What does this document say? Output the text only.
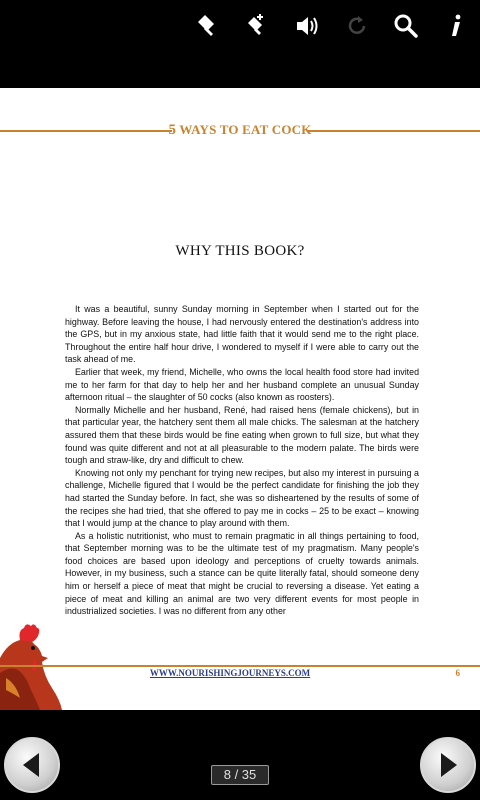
5 WAYS TO EAT COCK
WHY THIS BOOK?

It was a beautiful, sunny Sunday morning in September when I started out for the highway. Before leaving the house, I had nervously entered the destination's address into the GPS, but in my anxious state, had little faith that it would send me to the right place. Throughout the entire half hour drive, I wondered to myself if I were able to carry out the task ahead of me.

Earlier that week, my friend, Michelle, who owns the local health food store had invited me to her farm for that day to help her and her husband complete an unusual Sunday afternoon ritual – the slaughter of 50 cocks (also known as roosters).

Normally Michelle and her husband, René, had raised hens (female chickens), but in that particular year, the hatchery sent them all male chicks. The salesman at the hatchery assured them that these birds would be fine eating when grown to full size, but what they found was quite different and not at all pleasurable to the modern palate. The birds were tough and straw-like, dry and difficult to chew.

Knowing not only my penchant for trying new recipes, but also my interest in pursuing a challenge, Michelle figured that I would be the perfect candidate for finishing the job they had started the Sunday before. In fact, she was so disheartened by the results of some of the recipes she had tried, that she offered to pay me in cocks – 25 to be exact – knowing that I would jump at the chance to play around with them.

As a holistic nutritionist, who must to remain pragmatic in all things pertaining to food, that September morning was to be the ultimate test of my pragmatism. Many people's food choices are based upon ideology and perceptions of cruelty towards animals. However, in my business, such a stance can be quite literally fatal, should someone deny him or herself a piece of meat that might be crucial to reversing a disease. Yet eating a piece of meat and killing an animal are two very different events for most people in industrialized societies. I was no different from any other

WWW.NOURISHINGJOURNEYS.COM	6
8 / 35
